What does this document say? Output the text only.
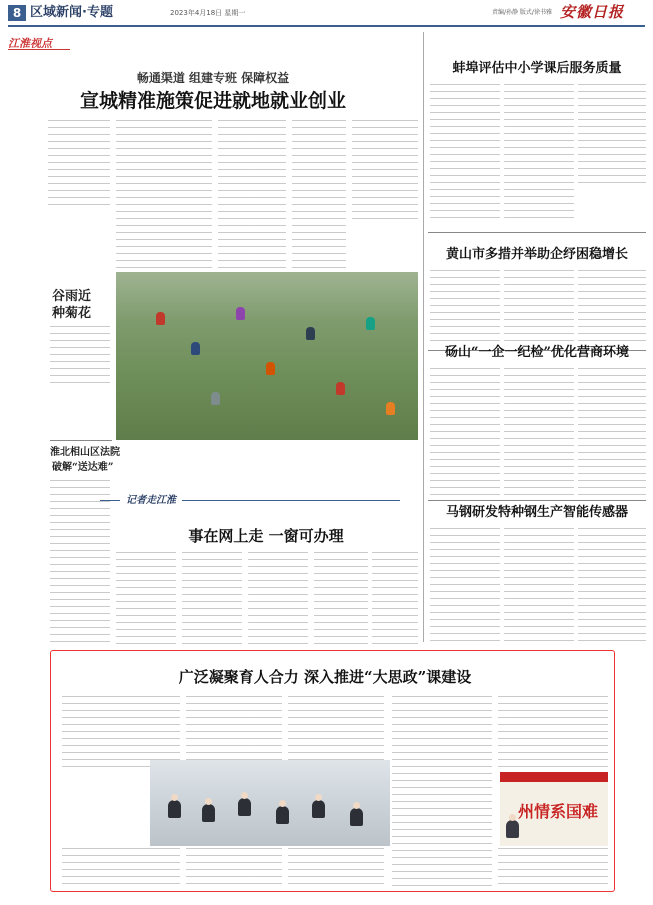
8 区域新闻·专题	2023年4月18日 星期一	责编/孙静 版式/徐书雅 安徽日报
江淮视点
畅通渠道 组建专班 保障权益
宣城精准施策促进就地就业创业
谷雨近
种菊花
淮北相山区法院
破解“送达难”
记者走江淮
事在网上走 一窗可办理
蚌埠评估中小学课后服务质量
黄山市多措并举助企纾困稳增长
砀山“一企一纪检”优化营商环境
马钢研发特种钢生产智能传感器
广泛凝聚育人合力 深入推进“大思政”课建设
州情系国难
